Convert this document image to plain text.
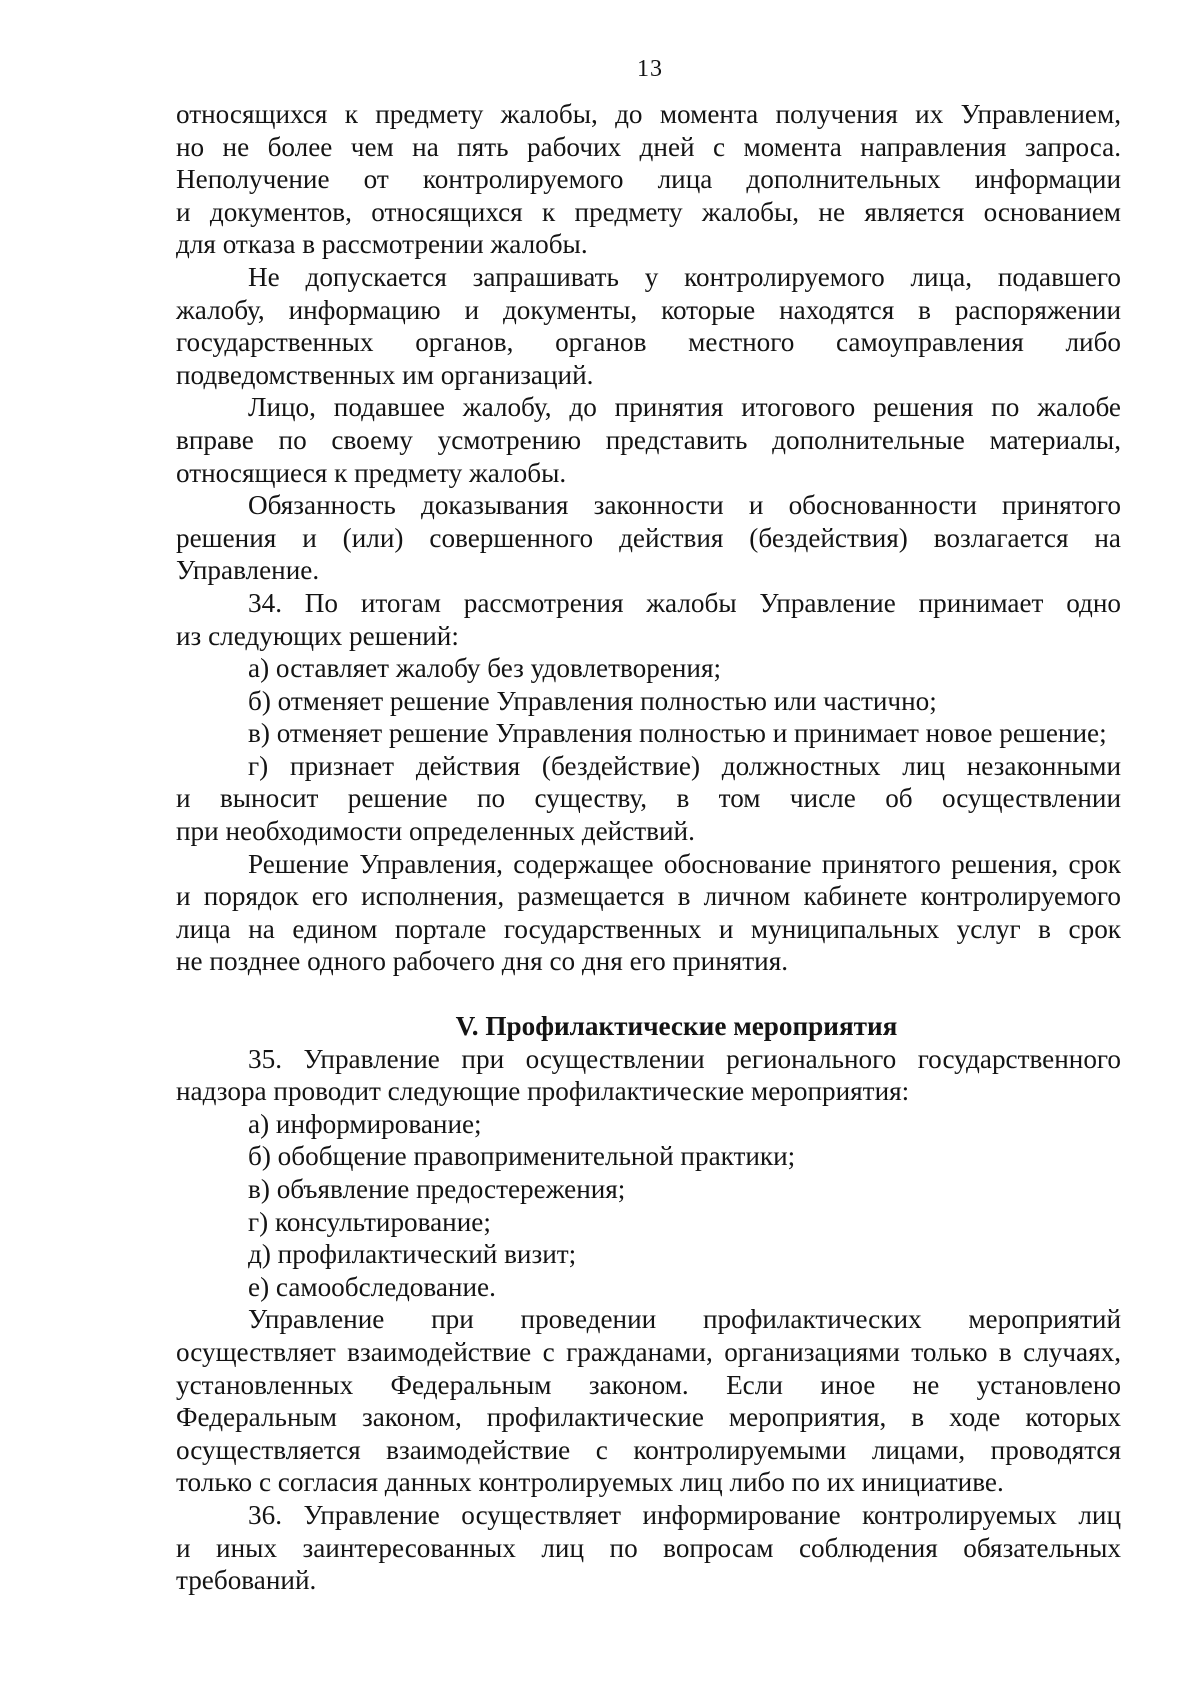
13

относящихся к предмету жалобы, до момента получения их Управлением,

но не более чем на пять рабочих дней с момента направления запроса.

Неполучение от контролируемого лица дополнительных информации

и документов, относящихся к предмету жалобы, не является основанием

для отказа в рассмотрении жалобы.

Не допускается запрашивать у контролируемого лица, подавшего

жалобу, информацию и документы, которые находятся в распоряжении

государственных органов, органов местного самоуправления либо

подведомственных им организаций.

Лицо, подавшее жалобу, до принятия итогового решения по жалобе

вправе по своему усмотрению представить дополнительные материалы,

относящиеся к предмету жалобы.

Обязанность доказывания законности и обоснованности принятого

решения и (или) совершенного действия (бездействия) возлагается на Управление.

34. По итогам рассмотрения жалобы Управление принимает одно

из следующих решений:

а) оставляет жалобу без удовлетворения;

б) отменяет решение Управления полностью или частично;

в) отменяет решение Управления полностью и принимает новое решение;

г) признает действия (бездействие) должностных лиц незаконными

и выносит решение по существу, в том числе об осуществлении

при необходимости определенных действий.

Решение Управления, содержащее обоснование принятого решения, срок

и порядок его исполнения, размещается в личном кабинете контролируемого

лица на едином портале государственных и муниципальных услуг в срок

не позднее одного рабочего дня со дня его принятия.

V. Профилактические мероприятия

35. Управление при осуществлении регионального государственного

надзора проводит следующие профилактические мероприятия:

а) информирование;

б) обобщение правоприменительной практики;

в) объявление предостережения;

г) консультирование;

д) профилактический визит;

е) самообследование.

Управление при проведении профилактических мероприятий

осуществляет взаимодействие с гражданами, организациями только в случаях,

установленных Федеральным законом. Если иное не установлено

Федеральным законом, профилактические мероприятия, в ходе которых

осуществляется взаимодействие с контролируемыми лицами, проводятся

только с согласия данных контролируемых лиц либо по их инициативе.

36. Управление осуществляет информирование контролируемых лиц

и иных заинтересованных лиц по вопросам соблюдения обязательных

требований.
